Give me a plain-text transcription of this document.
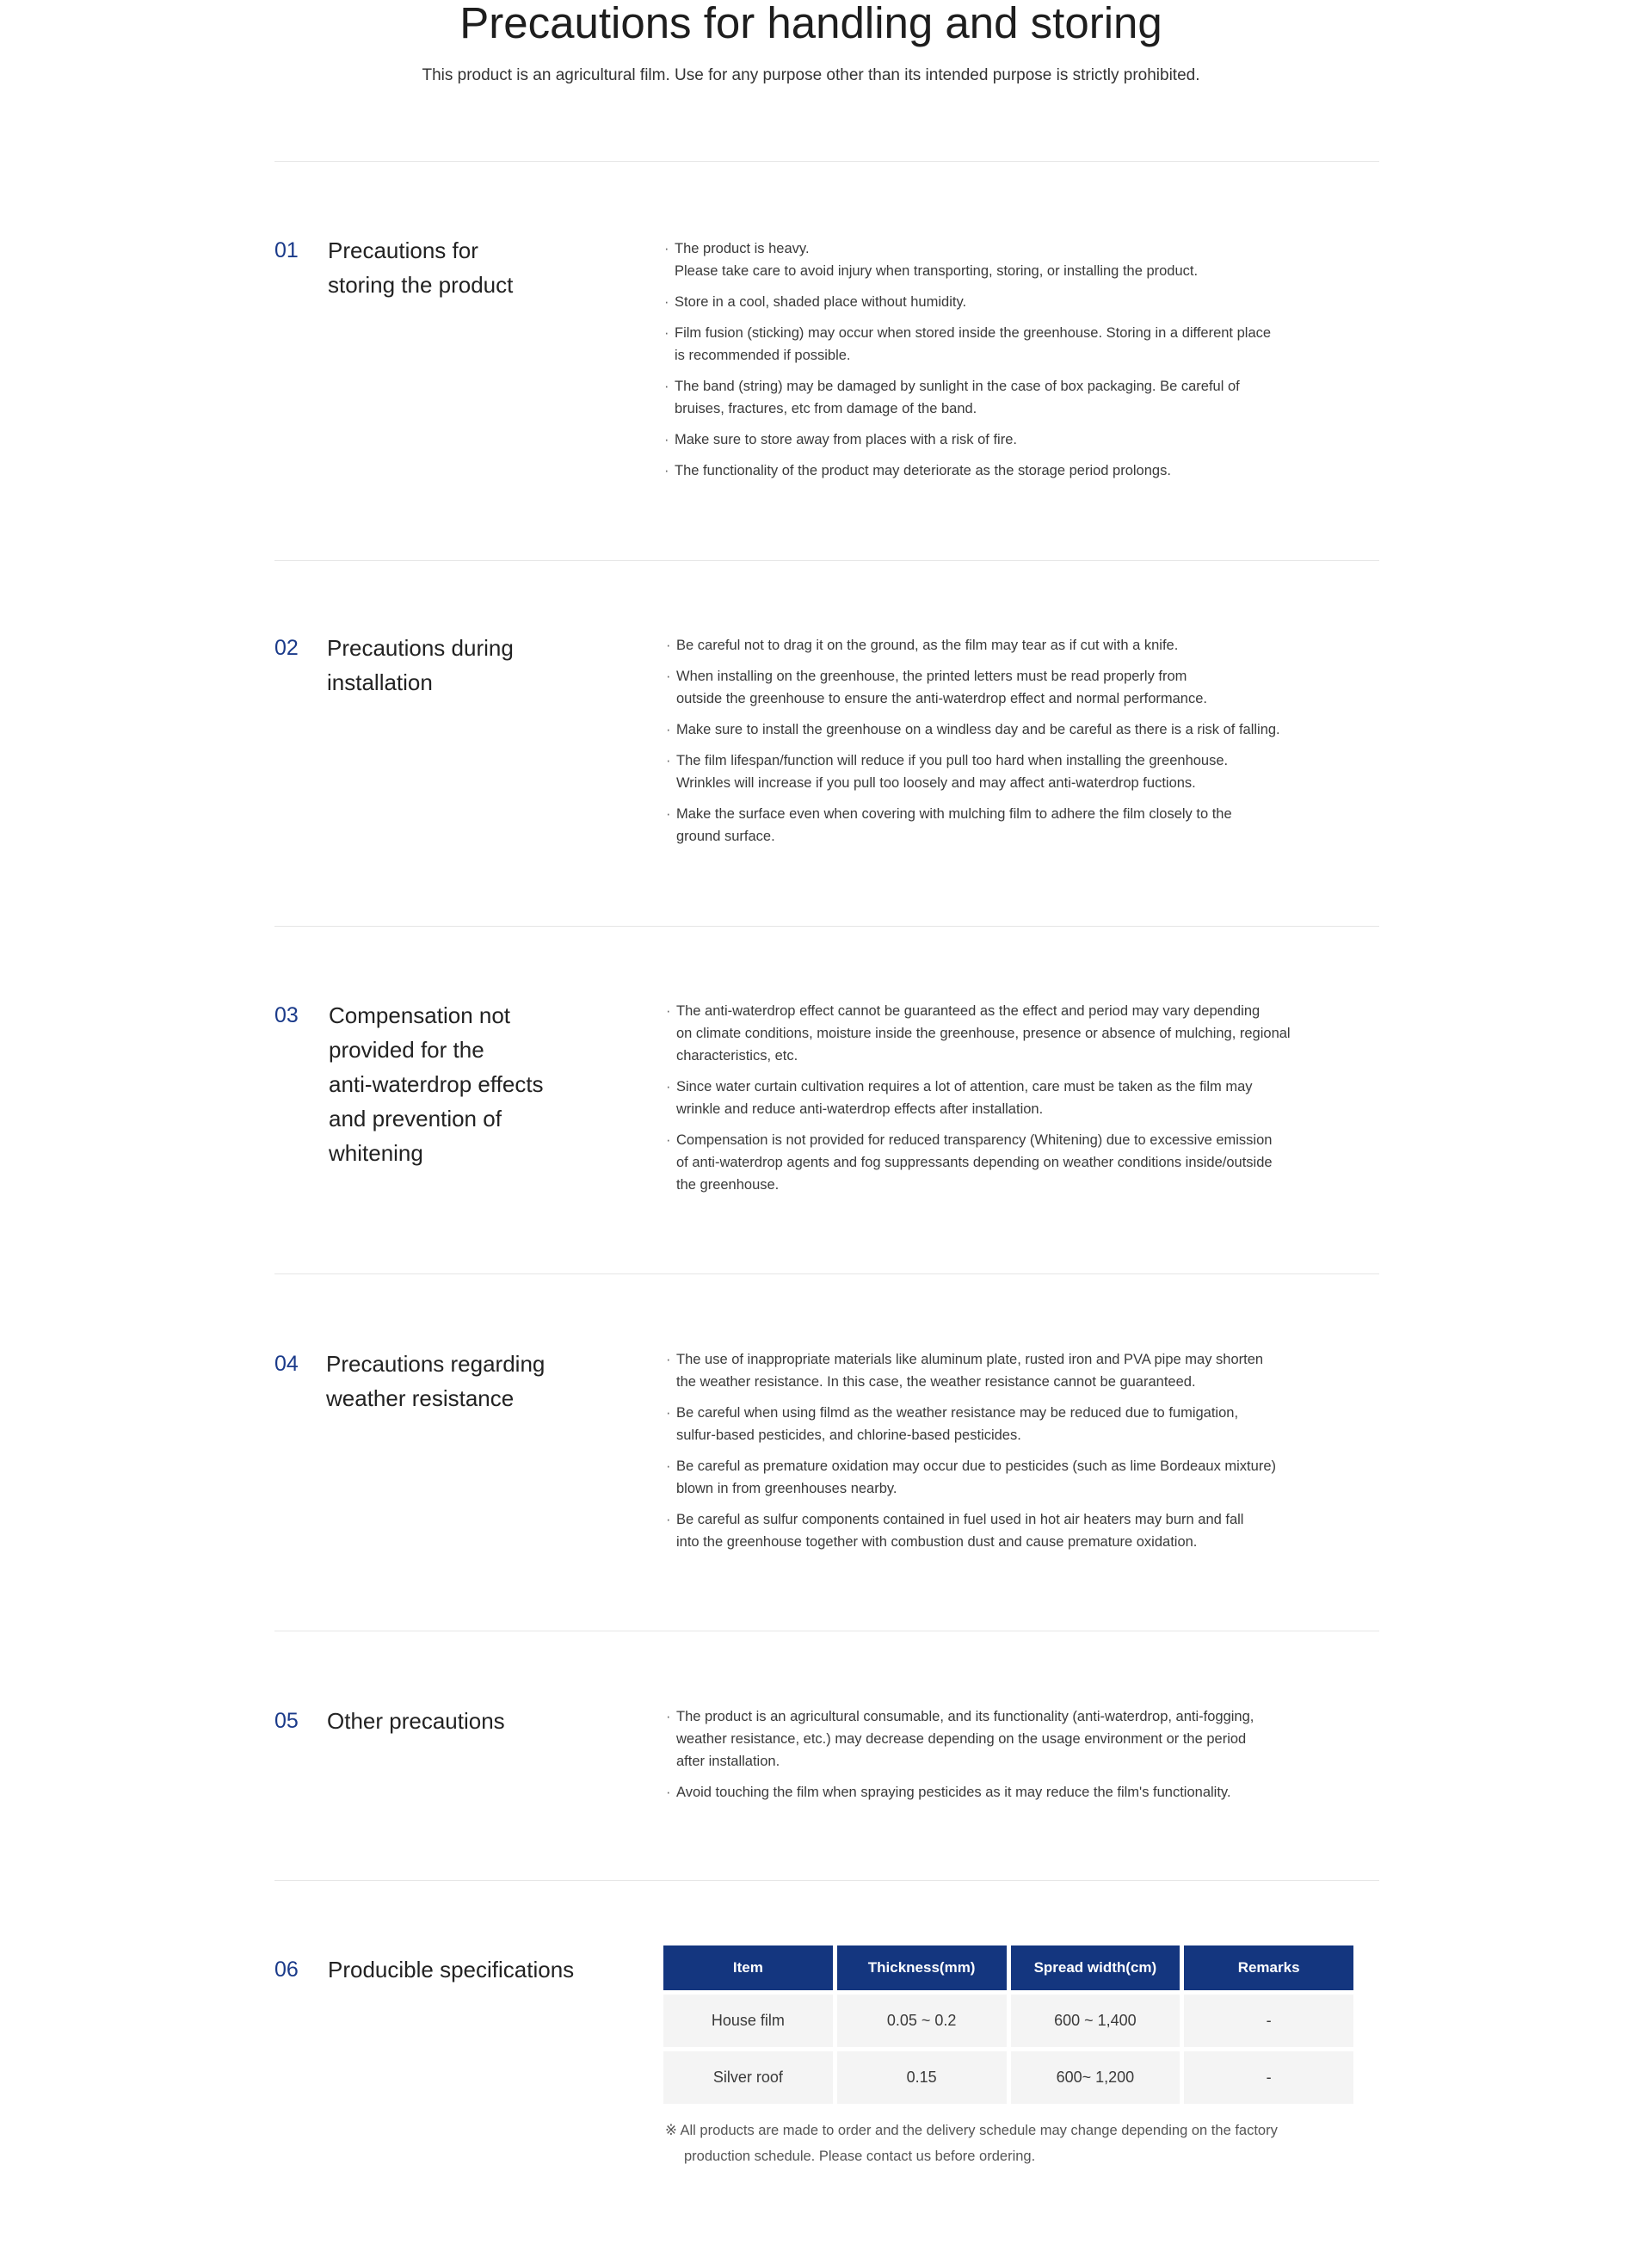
Precautions for handling and storing

This product is an agricultural film. Use for any purpose other than its intended purpose is strictly prohibited.

01 Precautions for
storing the product
· The product is heavy.
Please take care to avoid injury when transporting, storing, or installing the product.
· Store in a cool, shaded place without humidity.
· Film fusion (sticking) may occur when stored inside the greenhouse. Storing in a different place
is recommended if possible.
· The band (string) may be damaged by sunlight in the case of box packaging. Be careful of
bruises, fractures, etc from damage of the band.
· Make sure to store away from places with a risk of fire.
· The functionality of the product may deteriorate as the storage period prolongs.
02 Precautions during
installation
· Be careful not to drag it on the ground, as the film may tear as if cut with a knife.
· When installing on the greenhouse, the printed letters must be read properly from
outside the greenhouse to ensure the anti-waterdrop effect and normal performance.
· Make sure to install the greenhouse on a windless day and be careful as there is a risk of falling.
· The film lifespan/function will reduce if you pull too hard when installing the greenhouse.
Wrinkles will increase if you pull too loosely and may affect anti-waterdrop fuctions.
· Make the surface even when covering with mulching film to adhere the film closely to the
ground surface.
03 Compensation not
provided for the
anti-waterdrop effects
and prevention of
whitening
· The anti-waterdrop effect cannot be guaranteed as the effect and period may vary depending
on climate conditions, moisture inside the greenhouse, presence or absence of mulching, regional
characteristics, etc.
· Since water curtain cultivation requires a lot of attention, care must be taken as the film may
wrinkle and reduce anti-waterdrop effects after installation.
· Compensation is not provided for reduced transparency (Whitening) due to excessive emission
of anti-waterdrop agents and fog suppressants depending on weather conditions inside/outside
the greenhouse.
04 Precautions regarding
weather resistance
· The use of inappropriate materials like aluminum plate, rusted iron and PVA pipe may shorten
the weather resistance. In this case, the weather resistance cannot be guaranteed.
· Be careful when using filmd as the weather resistance may be reduced due to fumigation,
sulfur-based pesticides, and chlorine-based pesticides.
· Be careful as premature oxidation may occur due to pesticides (such as lime Bordeaux mixture)
blown in from greenhouses nearby.
· Be careful as sulfur components contained in fuel used in hot air heaters may burn and fall
into the greenhouse together with combustion dust and cause premature oxidation.
05 Other precautions	· The product is an agricultural consumable, and its functionality (anti-waterdrop, anti-fogging,
weather resistance, etc.) may decrease depending on the usage environment or the period
after installation.
· Avoid touching the film when spraying pesticides as it may reduce the film's functionality.
06 Producible specifications	Item	Thickness(mm)	Spread width(cm)	Remarks
House film	0.05 ~ 0.2	600 ~ 1,400	-
Silver roof	0.15	600~ 1,200	-

※ All products are made to order and the delivery schedule may change depending on the factory
production schedule. Please contact us before ordering.
